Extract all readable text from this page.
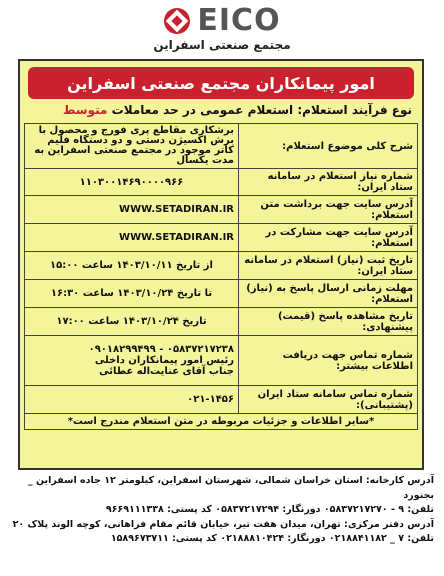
EICO
مجتمع صنعتی اسفراین
امور پیمانکاران مجتمع صنعتی اسفراین
نوع فرآیند استعلام: استعلام عمومی در حد معاملات متوسط
شرح کلی موضوع استعلام:	برشکاری مقاطع پری فورج و محصول با برش اکسیژن دستی و دو دستگاه فلیم کاتر موجود در مجتمع صنعتی اسفراین به مدت یکسال
شماره نیاز استعلام در سامانه ستاد ایران:	۱۱۰۳۰۰۱۴۶۹۰۰۰۰۹۶۶
آدرس سایت جهت برداشت متن استعلام:	WWW.SETADIRAN.IR
آدرس سایت جهت مشارکت در استعلام:	WWW.SETADIRAN.IR
تاریخ ثبت (نیاز) استعلام در سامانه ستاد ایران:	از تاریخ ۱۴۰۳/۱۰/۱۱ ساعت ۱۵:۰۰
مهلت زمانی ارسال پاسخ به (نیاز) استعلام:	تا تاریخ ۱۴۰۳/۱۰/۲۴ ساعت ۱۶:۳۰
تاریخ مشاهده پاسخ (قیمت) پیشنهادی:	تاریخ ۱۴۰۳/۱۰/۲۴ ساعت ۱۷:۰۰
شماره تماس جهت دریافت اطلاعات بیشتر:	۰۵۸۳۷۲۱۷۲۳۸ - ۰۹۰۱۸۲۹۹۴۹۹
رئیس امور پیمانکاران داخلی
جناب آقای عنایت‌اله عطائی

شماره تماس سامانه ستاد ایران (پشتیبانی):	۰۲۱-۱۴۵۶
*سایر اطلاعات و جزئیات مربوطه در متن استعلام مندرج است*	
آدرس کارخانه: استان خراسان شمالی، شهرستان اسفراین، کیلومتر ۱۲ جاده اسفراین _ بجنورد
تلفن: ۹ - ۰۵۸۳۷۲۱۷۲۷۰ دورنگار: ۰۵۸۳۷۲۱۷۲۹۴ کد پستی: ۹۶۶۹۱۱۱۳۳۸
آدرس دفتر مرکزی: تهران، میدان هفت تیر، خیابان قائم مقام فراهانی، کوچه الوند پلاک ۲۰
تلفن: ۷ _ ۰۲۱۸۸۴۱۱۸۲ دورنگار: ۰۲۱۸۸۸۱۰۴۲۴ کد پستی: ۱۵۸۹۶۷۳۷۱۱
